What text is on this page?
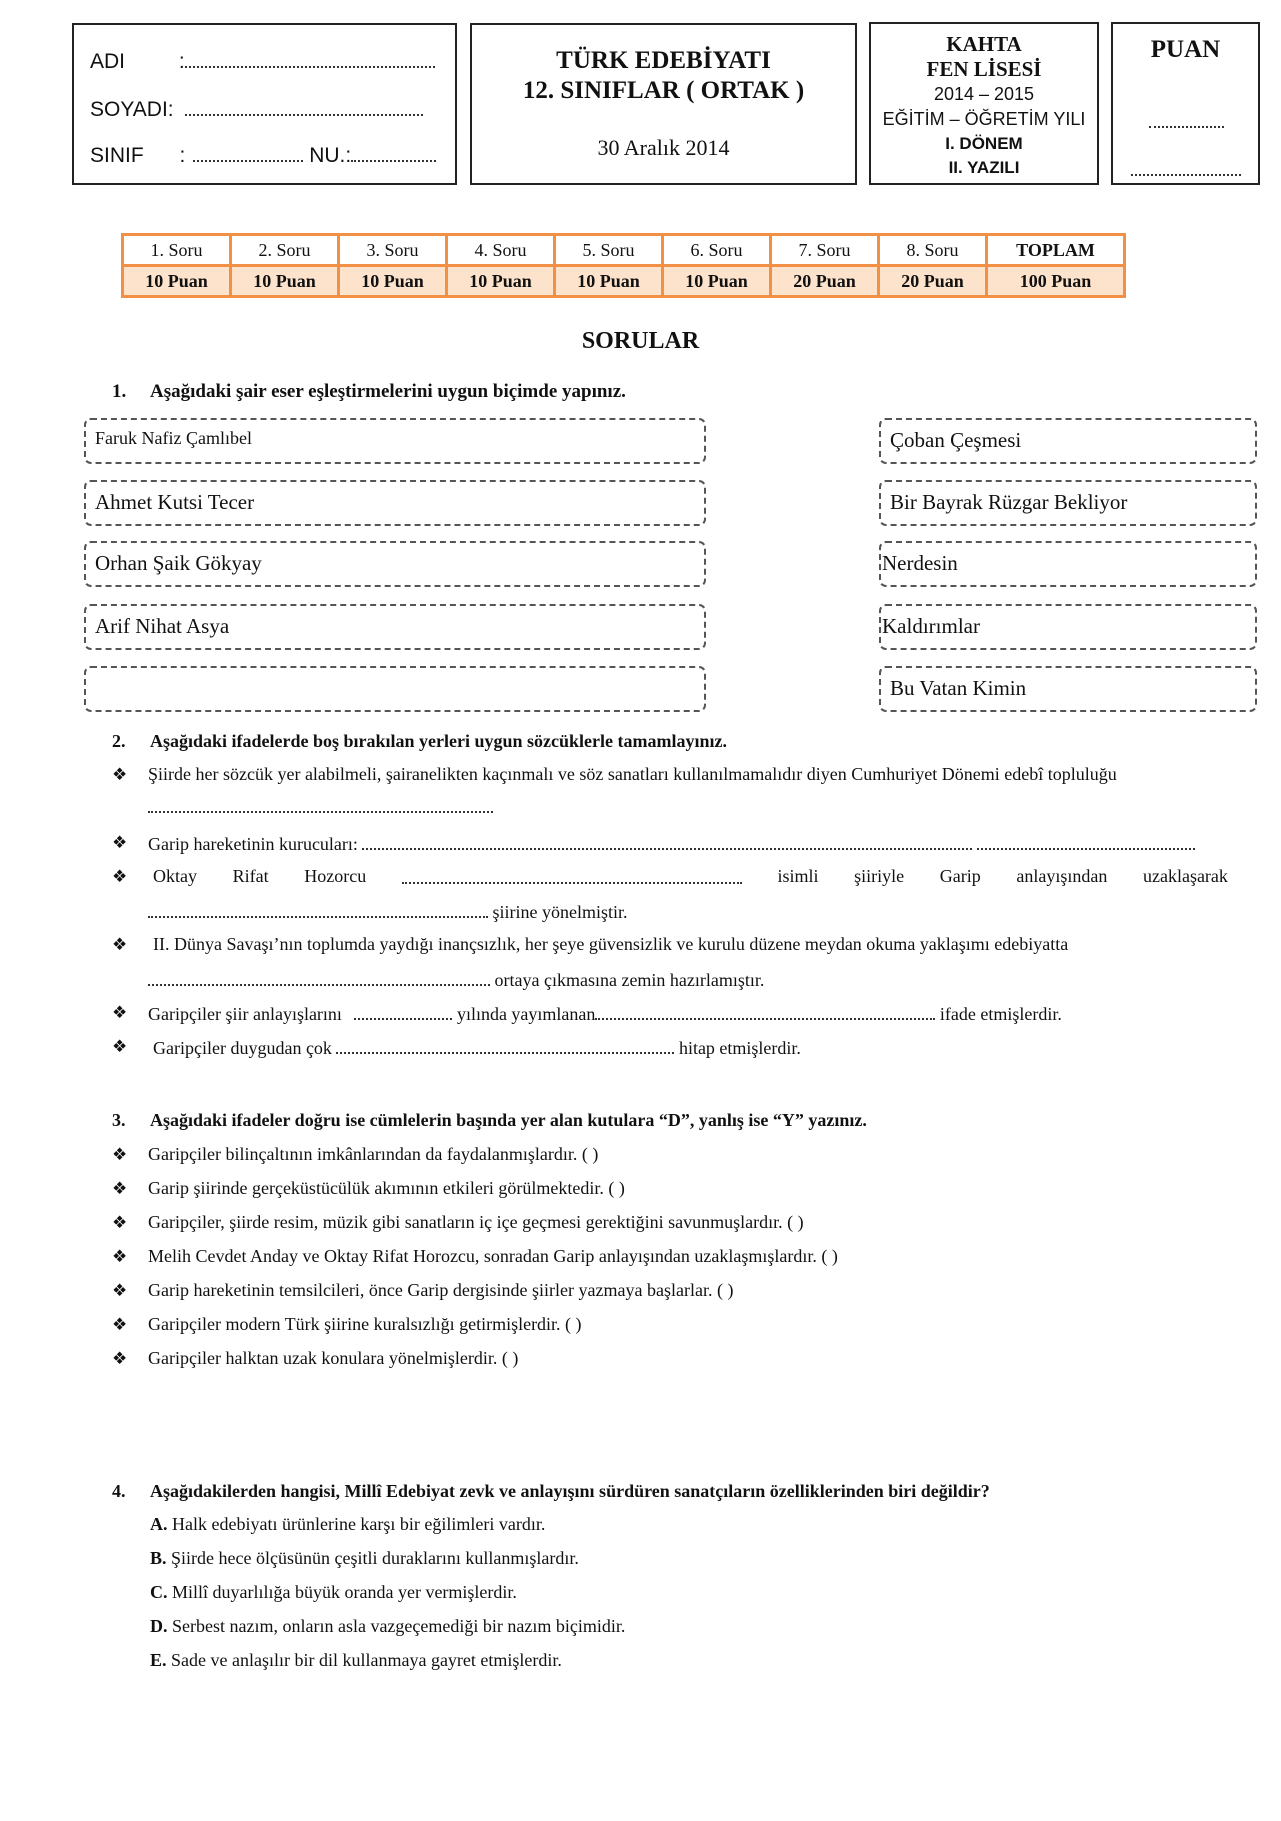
ADI	:
SOYADI:
SINIF :	NU.:
TÜRK EDEBİYATI
12. SINIFLAR ( ORTAK )
30 Aralık 2014
KAHTA
FEN LİSESİ
2014 – 2015
EĞİTİM – ÖĞRETİM YILI
I. DÖNEM
II. YAZILI
PUAN
1. Soru	2. Soru	3. Soru	4. Soru	5. Soru	6. Soru	7. Soru	8. Soru	TOPLAM
10 Puan	10 Puan	10 Puan	10 Puan	10 Puan	10 Puan	20 Puan	20 Puan	100 Puan
SORULAR
1. Aşağıdaki şair eser eşleştirmelerini uygun biçimde yapınız.
Faruk Nafiz Çamlıbel
Ahmet Kutsi Tecer
Orhan Şaik Gökyay
Arif Nihat Asya
Çoban Çeşmesi
Bir Bayrak Rüzgar Bekliyor
Nerdesin
Kaldırımlar
Bu Vatan Kimin
2. Aşağıdaki ifadelerde boş bırakılan yerleri uygun sözcüklerle tamamlayınız.
❖ Şiirde her sözcük yer alabilmeli, şairanelikten kaçınmalı ve söz sanatları kullanılmamalıdır diyen Cumhuriyet Dönemi edebî topluluğu
❖ Garip hareketinin kurucuları:
❖ Oktay Rifat Hozorcu	isimli şiiriyle Garip anlayışından uzaklaşarak
şiirine yönelmiştir.
❖ II. Dünya Savaşı’nın toplumda yaydığı inançsızlık, her şeye güvensizlik ve kurulu düzene meydan okuma yaklaşımı edebiyatta
ortaya çıkmasına zemin hazırlamıştır.
❖ Garipçiler şiir anlayışlarını	yılında yayımlanan	ifade etmişlerdir.
❖ Garipçiler duygudan çok	hitap etmişlerdir.
3. Aşağıdaki ifadeler doğru ise cümlelerin başında yer alan kutulara “D”, yanlış ise “Y” yazınız.
❖ Garipçiler bilinçaltının imkânlarından da faydalanmışlardır. ( )
❖ Garip şiirinde gerçeküstücülük akımının etkileri görülmektedir. ( )
❖ Garipçiler, şiirde resim, müzik gibi sanatların iç içe geçmesi gerektiğini savunmuşlardır. ( )
❖ Melih Cevdet Anday ve Oktay Rifat Horozcu, sonradan Garip anlayışından uzaklaşmışlardır. ( )
❖ Garip hareketinin temsilcileri, önce Garip dergisinde şiirler yazmaya başlarlar. ( )
❖ Garipçiler modern Türk şiirine kuralsızlığı getirmişlerdir. ( )
❖ Garipçiler halktan uzak konulara yönelmişlerdir. ( )
4. Aşağıdakilerden hangisi, Millî Edebiyat zevk ve anlayışını sürdüren sanatçıların özelliklerinden biri değildir?
A. Halk edebiyatı ürünlerine karşı bir eğilimleri vardır.
B. Şiirde hece ölçüsünün çeşitli duraklarını kullanmışlardır.
C. Millî duyarlılığa büyük oranda yer vermişlerdir.
D. Serbest nazım, onların asla vazgeçemediği bir nazım biçimidir.
E. Sade ve anlaşılır bir dil kullanmaya gayret etmişlerdir.
